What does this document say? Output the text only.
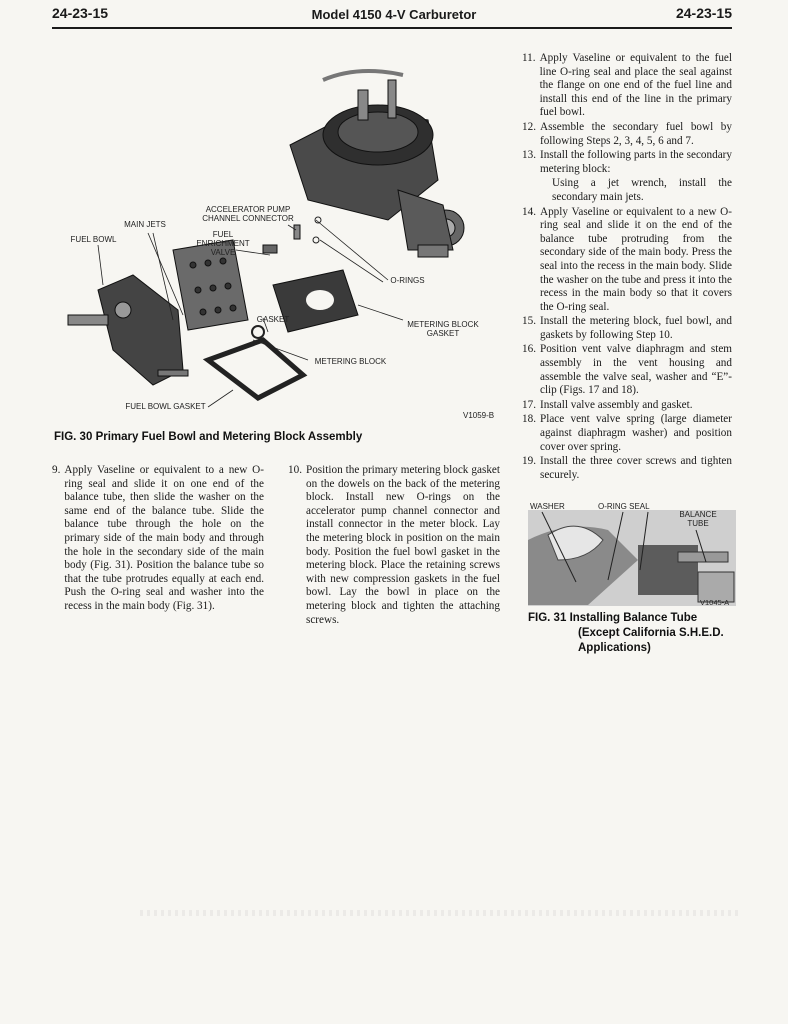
24-23-15	Model 4150 4-V Carburetor	24-23-15
ACCELERATOR PUMP
CHANNEL CONNECTOR
MAIN JETS
FUEL BOWL
FUEL
ENRICHMENT
VALVE
O-RINGS
GASKET
METERING BLOCK
GASKET
METERING BLOCK
FUEL BOWL GASKET
V1059-B
FIG. 30 Primary Fuel Bowl and Metering Block Assembly
9. Apply Vaseline or equivalent to a new O-ring seal and slide it on one end of the balance tube, then slide the washer on the same end of the balance tube. Slide the balance tube through the hole on the primary side of the main body and through the hole in the secondary side of the main body (Fig. 31). Position the balance tube so that the tube protrudes equally at each end. Push the O-ring seal and washer into the recess in the main body (Fig. 31).
10. Position the primary metering block gasket on the dowels on the back of the metering block. Install new O-rings on the accelerator pump channel connector and install connector in the meter block. Lay the metering block in position on the main body. Position the fuel bowl gasket in the metering block. Place the retaining screws with new compression gaskets in the fuel bowl. Lay the bowl in place on the metering block and tighten the attaching screws.
11. Apply Vaseline or equivalent to the fuel line O-ring seal and place the seal against the flange on one end of the fuel line and install this end of the line in the primary fuel bowl.
12. Assemble the secondary fuel bowl by following Steps 2, 3, 4, 5, 6 and 7.
13. Install the following parts in the secondary metering block:
Using a jet wrench, install the secondary main jets.
14. Apply Vaseline or equivalent to a new O-ring seal and slide it on the end of the balance tube protruding from the secondary side of the main body. Press the seal into the recess in the main body. Slide the washer on the tube and press it into the recess in the main body so that it covers the O-ring seal.
15. Install the metering block, fuel bowl, and gaskets by following Step 10.
16. Position vent valve diaphragm and stem assembly in the vent housing and assemble the valve seal, washer and “E”-clip (Figs. 17 and 18).
17. Install valve assembly and gasket.
18. Place vent valve spring (large diameter against diaphragm washer) and position cover over spring.
19. Install the three cover screws and tighten securely.
WASHER	O-RING SEAL
BALANCE
TUBE
V1045-A
FIG. 31 Installing Balance Tube
(Except California S.H.E.D.
Applications)
